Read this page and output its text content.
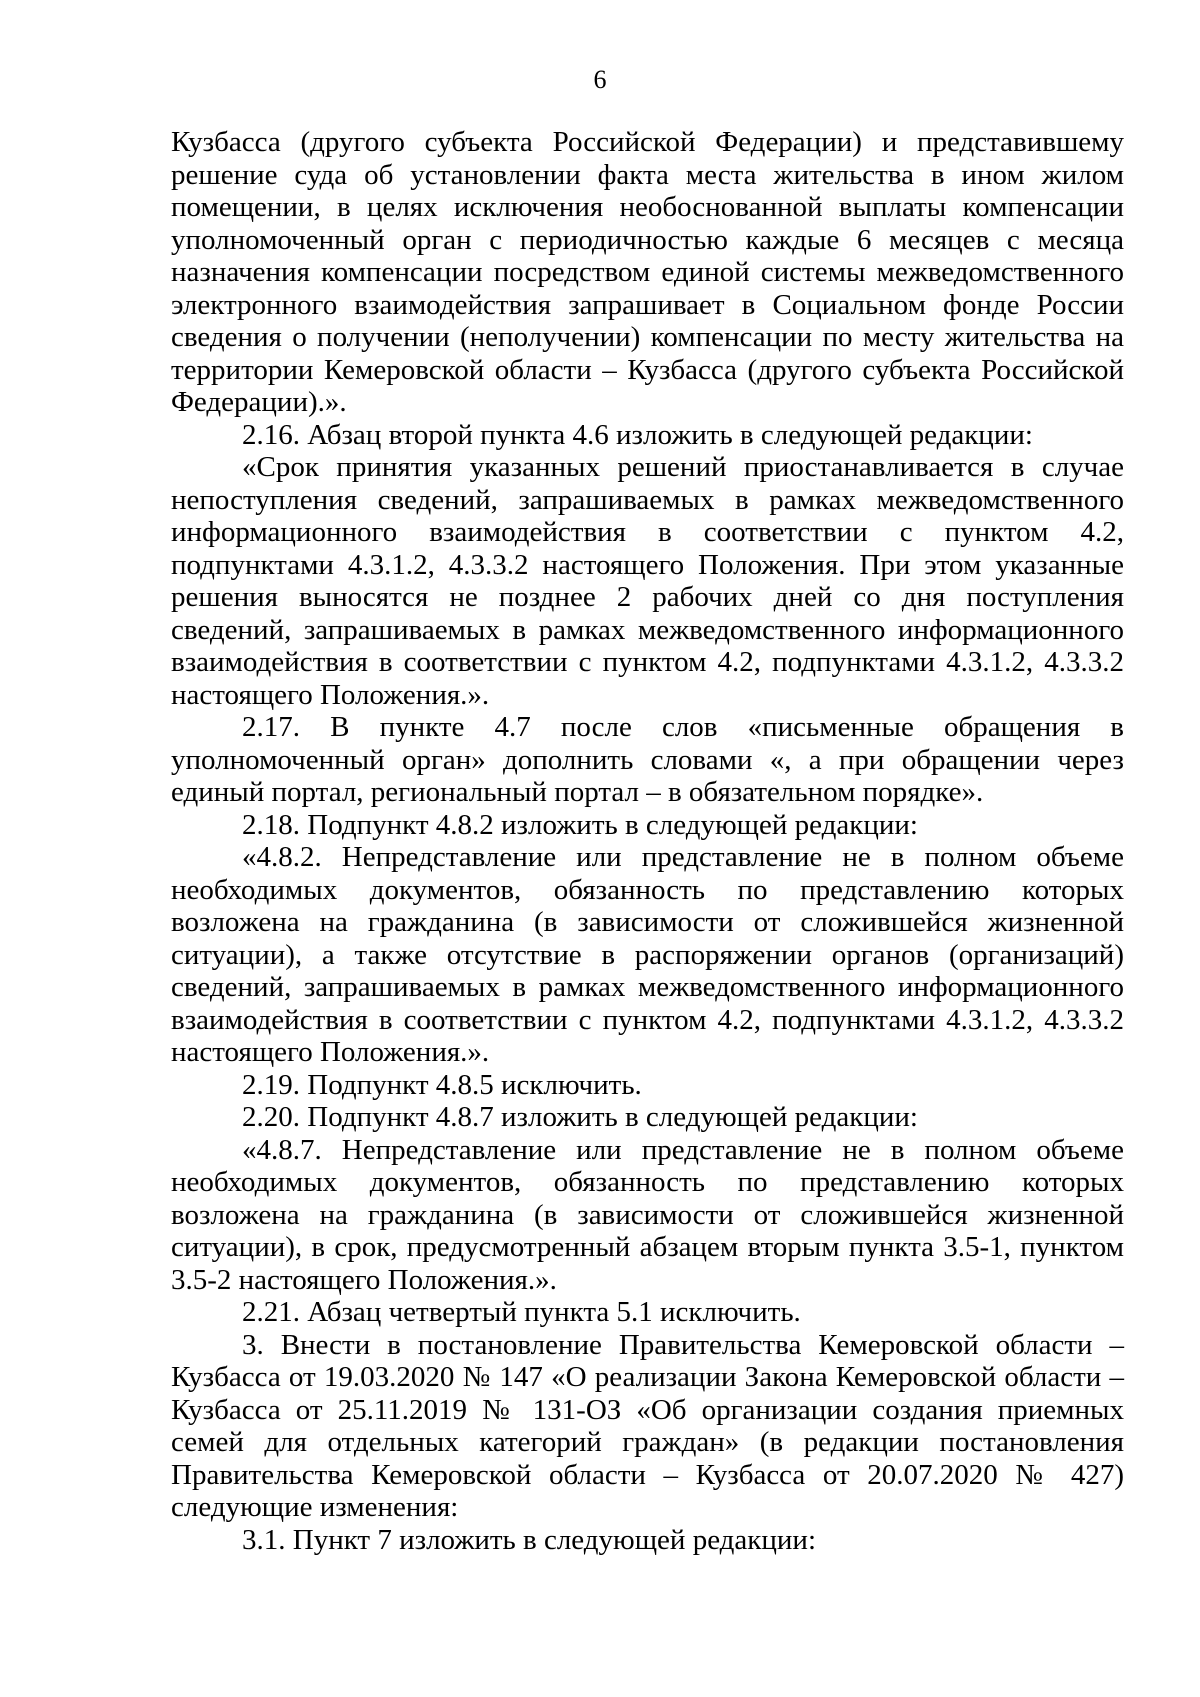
6

Кузбасса (другого субъекта Российской Федерации) и представившему решение суда об установлении факта места жительства в ином жилом помещении, в целях исключения необоснованной выплаты компенсации уполномоченный орган с периодичностью каждые 6 месяцев с месяца назначения компенсации посредством единой системы межведомственного электронного взаимодействия запрашивает в Социальном фонде России сведения о получении (неполучении) компенсации по месту жительства на территории Кемеровской области – Кузбасса (другого субъекта Российской Федерации).».

2.16. Абзац второй пункта 4.6 изложить в следующей редакции:

«Срок принятия указанных решений приостанавливается в случае непоступления сведений, запрашиваемых в рамках межведомственного информационного взаимодействия в соответствии с пунктом 4.2, подпунктами 4.3.1.2, 4.3.3.2 настоящего Положения. При этом указанные решения выносятся не позднее 2 рабочих дней со дня поступления сведений, запрашиваемых в рамках межведомственного информационного взаимодействия в соответствии с пунктом 4.2, подпунктами 4.3.1.2, 4.3.3.2 настоящего Положения.».

2.17. В пункте 4.7 после слов «письменные обращения в уполномоченный орган» дополнить словами «, а при обращении через единый портал, региональный портал – в обязательном порядке».

2.18. Подпункт 4.8.2 изложить в следующей редакции:

«4.8.2. Непредставление или представление не в полном объеме необходимых документов, обязанность по представлению которых возложена на гражданина (в зависимости от сложившейся жизненной ситуации), а также отсутствие в распоряжении органов (организаций) сведений, запрашиваемых в рамках межведомственного информационного взаимодействия в соответствии с пунктом 4.2, подпунктами 4.3.1.2, 4.3.3.2 настоящего Положения.».

2.19. Подпункт 4.8.5 исключить.

2.20. Подпункт 4.8.7 изложить в следующей редакции:

«4.8.7. Непредставление или представление не в полном объеме необходимых документов, обязанность по представлению которых возложена на гражданина (в зависимости от сложившейся жизненной ситуации), в срок, предусмотренный абзацем вторым пункта 3.5-1, пунктом 3.5-2 настоящего Положения.».

2.21. Абзац четвертый пункта 5.1 исключить.

3. Внести в постановление Правительства Кемеровской области – Кузбасса от 19.03.2020 № 147 «О реализации Закона Кемеровской области – Кузбасса от 25.11.2019 № 131-ОЗ «Об организации создания приемных семей для отдельных категорий граждан» (в редакции постановления Правительства Кемеровской области – Кузбасса от 20.07.2020 № 427) следующие изменения:

3.1. Пункт 7 изложить в следующей редакции:
